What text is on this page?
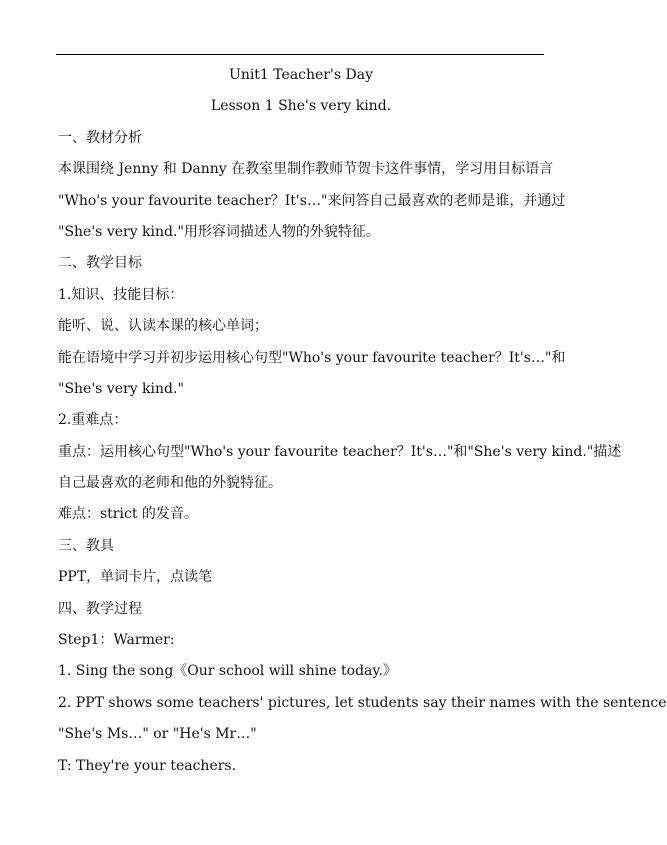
Unit1 Teacher's Day
Lesson 1 She's very kind.
一、教材分析
本课围绕 Jenny 和 Danny 在教室里制作教师节贺卡这件事情，学习用目标语言
"Who's your favourite teacher？It's…"来问答自己最喜欢的老师是谁，并通过
"She's very kind."用形容词描述人物的外貌特征。
二、教学目标
1.知识、技能目标：
能听、说、认读本课的核心单词；
能在语境中学习并初步运用核心句型"Who's your favourite teacher？It's…"和
"She's very kind."
2.重难点：
重点：运用核心句型"Who's your favourite teacher？It's…"和"She's very kind."描述
自己最喜欢的老师和他的外貌特征。
难点：strict 的发音。
三、教具
PPT，单词卡片，点读笔
四、教学过程
Step1：Warmer:
1. Sing the song《Our school will shine today.》
2. PPT shows some teachers' pictures, let students say their names with the sentence
"She's Ms…" or "He's Mr…"
T: They're your teachers.
